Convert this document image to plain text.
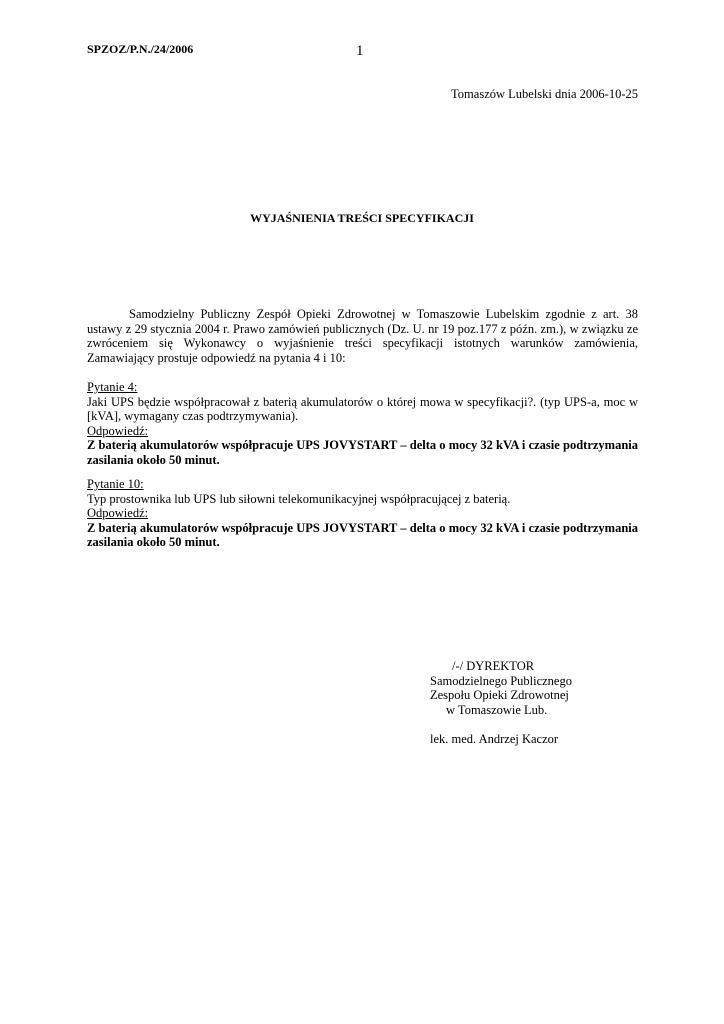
SPZOZ/P.N./24/2006	1
Tomaszów Lubelski dnia 2006-10-25
WYJAŚNIENIA TREŚCI SPECYFIKACJI

Samodzielny Publiczny Zespół Opieki Zdrowotnej w Tomaszowie Lubelskim zgodnie z art. 38 ustawy z 29 stycznia 2004 r. Prawo zamówień publicznych (Dz. U. nr 19 poz.177 z późn. zm.), w związku ze zwróceniem się Wykonawcy o wyjaśnienie treści specyfikacji istotnych warunków zamówienia, Zamawiający prostuje odpowiedź na pytania 4 i 10:

Pytanie 4:
Jaki UPS będzie współpracował z baterią akumulatorów o której mowa w specyfikacji?. (typ UPS-a, moc w [kVA], wymagany czas podtrzymywania).
Odpowiedź:
Z baterią akumulatorów współpracuje UPS JOVYSTART – delta o mocy 32 kVA i czasie podtrzymania zasilania około 50 minut.
Pytanie 10:
Typ prostownika lub UPS lub siłowni telekomunikacyjnej współpracującej z baterią.
Odpowiedź:
Z baterią akumulatorów współpracuje UPS JOVYSTART – delta o mocy 32 kVA i czasie podtrzymania zasilania około 50 minut.
/-/ DYREKTOR
Samodzielnego Publicznego
Zespołu Opieki Zdrowotnej
w Tomaszowie Lub.
lek. med. Andrzej Kaczor
